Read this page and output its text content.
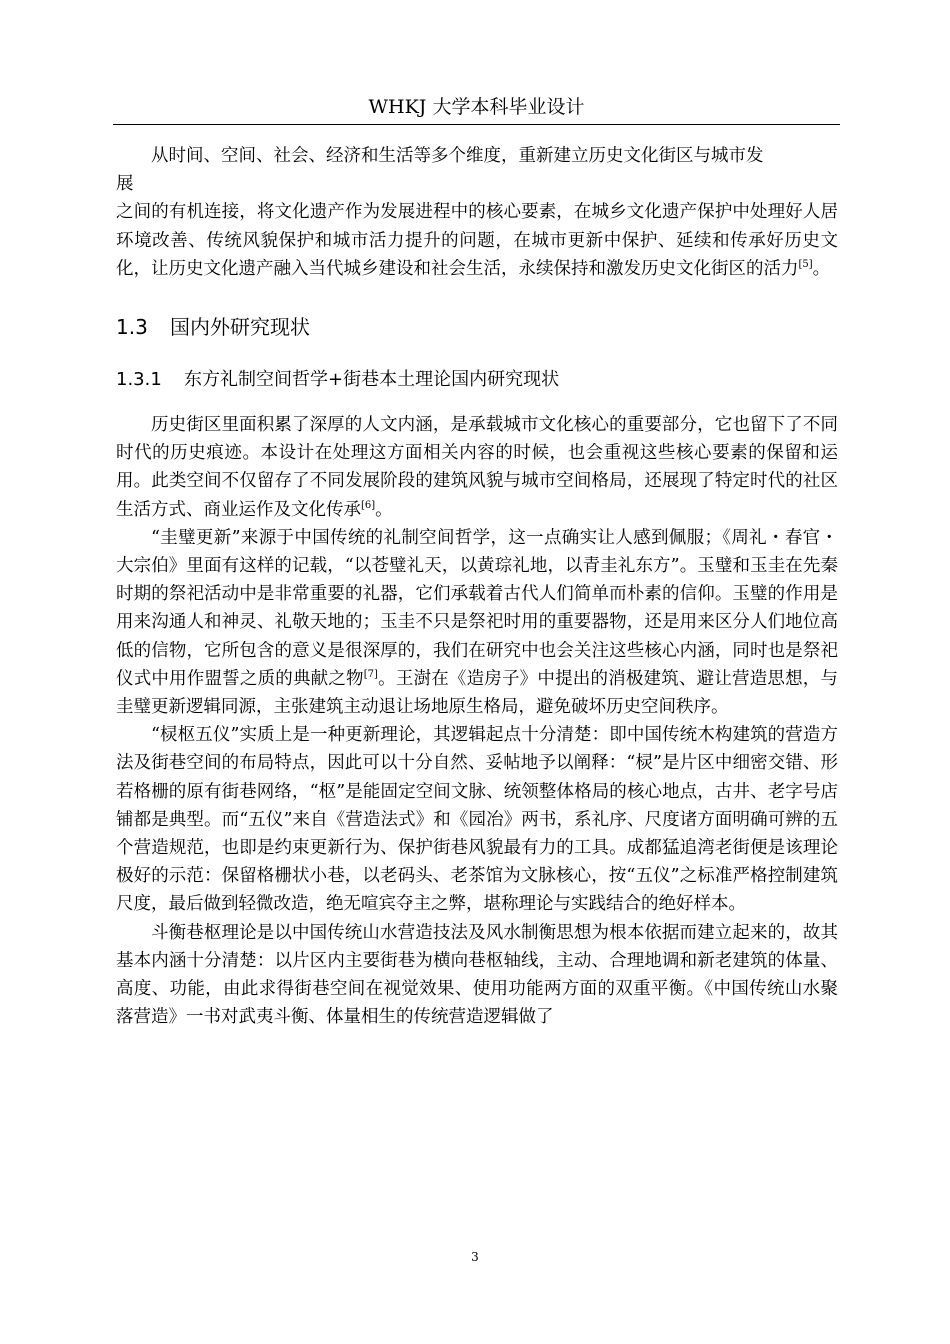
WHKJ 大学本科毕业设计

从时间、空间、社会、经济和生活等多个维度，重新建立历史文化街区与城市发

展

之间的有机连接，将文化遗产作为发展进程中的核心要素，在城乡文化遗产保护中处理好人居环境改善、传统风貌保护和城市活力提升的问题，在城市更新中保护、延续和传承好历史文化，让历史文化遗产融入当代城乡建设和社会生活，永续保持和激发历史文化街区的活力[5]。

1.3 国内外研究现状
1.3.1 东方礼制空间哲学+街巷本土理论国内研究现状

历史街区里面积累了深厚的人文内涵，是承载城市文化核心的重要部分，它也留下了不同时代的历史痕迹。本设计在处理这方面相关内容的时候，也会重视这些核心要素的保留和运用。此类空间不仅留存了不同发展阶段的建筑风貌与城市空间格局，还展现了特定时代的社区生活方式、商业运作及文化传承[6]。

“圭璧更新”来源于中国传统的礼制空间哲学，这一点确实让人感到佩服；《周礼・春官・大宗伯》里面有这样的记载，“以苍璧礼天，以黄琮礼地，以青圭礼东方”。玉璧和玉圭在先秦时期的祭祀活动中是非常重要的礼器，它们承载着古代人们简单而朴素的信仰。玉璧的作用是用来沟通人和神灵、礼敬天地的；玉圭不只是祭祀时用的重要器物，还是用来区分人们地位高低的信物，它所包含的意义是很深厚的，我们在研究中也会关注这些核心内涵，同时也是祭祀仪式中用作盟誓之质的典献之物[7]。王澍在《造房子》中提出的消极建筑、避让营造思想，与圭璧更新逻辑同源，主张建筑主动退让场地原生格局，避免破坏历史空间秩序。

“棂枢五仪”实质上是一种更新理论，其逻辑起点十分清楚：即中国传统木构建筑的营造方法及街巷空间的布局特点，因此可以十分自然、妥帖地予以阐释：“棂”是片区中细密交错、形若格栅的原有街巷网络，“枢”是能固定空间文脉、统领整体格局的核心地点，古井、老字号店铺都是典型。而“五仪”来自《营造法式》和《园冶》两书，系礼序、尺度诸方面明确可辨的五个营造规范，也即是约束更新行为、保护街巷风貌最有力的工具。成都猛追湾老街便是该理论极好的示范：保留格栅状小巷，以老码头、老茶馆为文脉核心，按“五仪”之标准严格控制建筑尺度，最后做到轻微改造，绝无喧宾夺主之弊，堪称理论与实践结合的绝好样本。

斗衡巷枢理论是以中国传统山水营造技法及风水制衡思想为根本依据而建立起来的，故其基本内涵十分清楚：以片区内主要街巷为横向巷枢轴线，主动、合理地调和新老建筑的体量、高度、功能，由此求得街巷空间在视觉效果、使用功能两方面的双重平衡。《中国传统山水聚落营造》一书对武夷斗衡、体量相生的传统营造逻辑做了

3
